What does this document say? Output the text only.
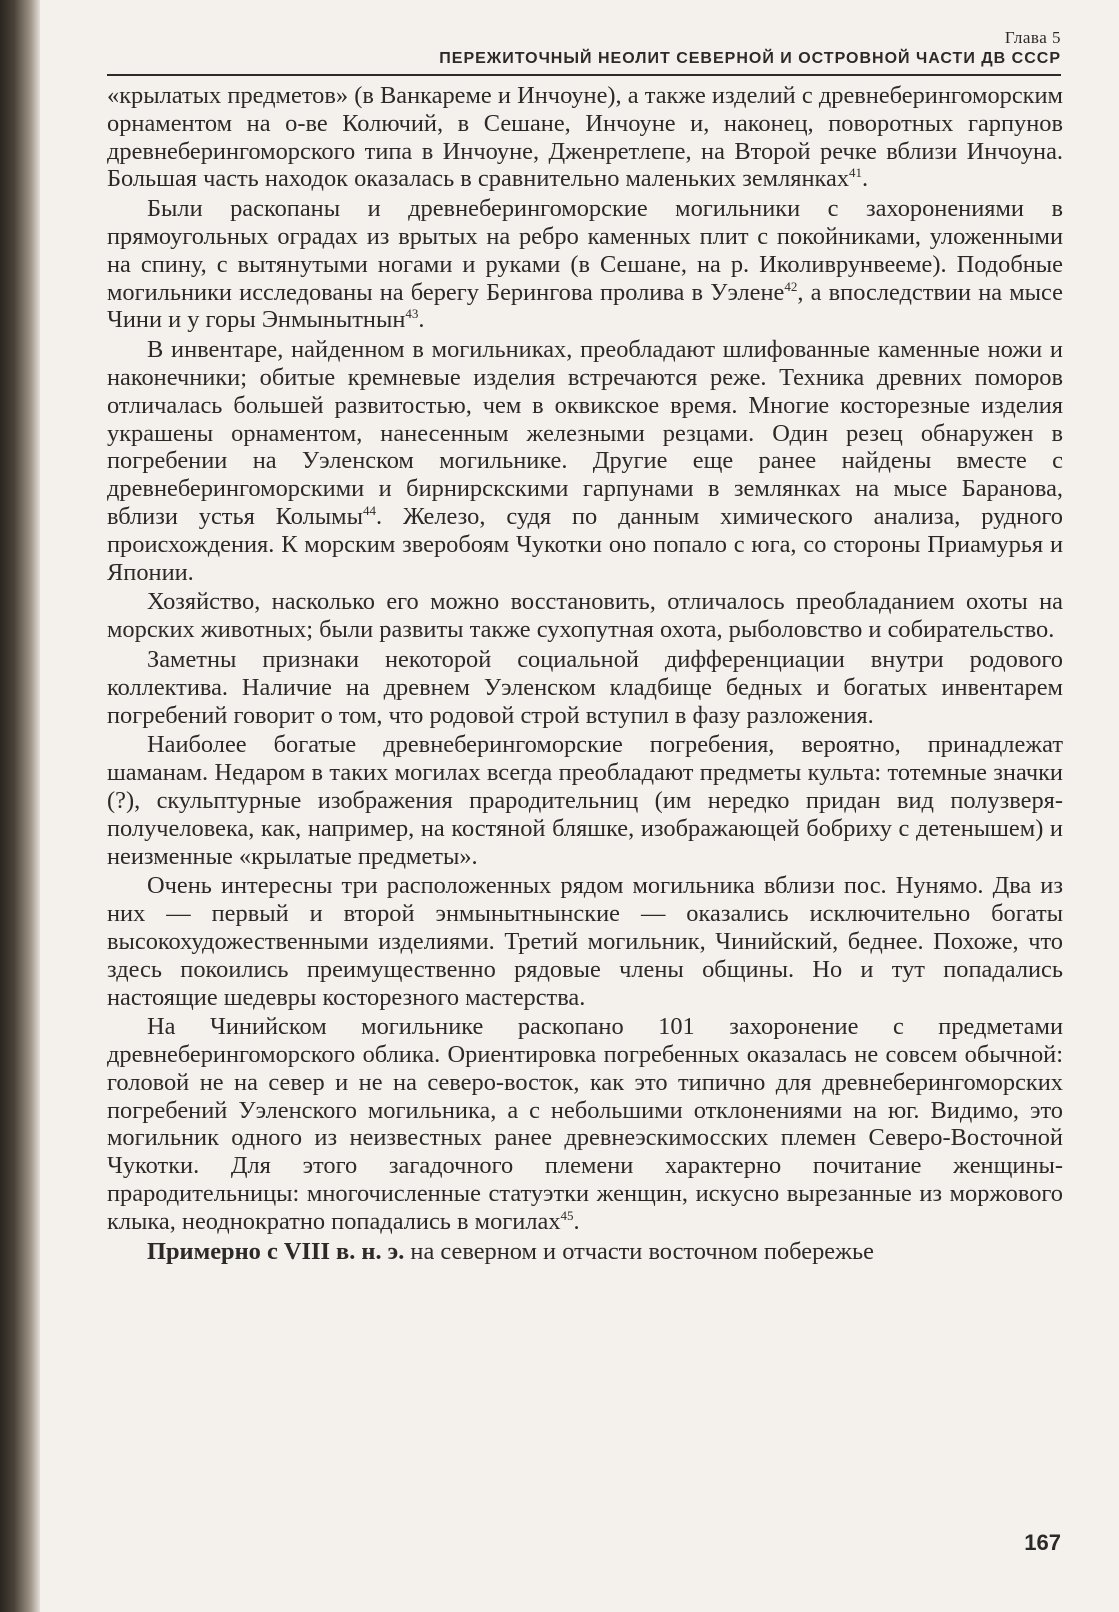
Глава 5
ПЕРЕЖИТОЧНЫЙ НЕОЛИТ СЕВЕРНОЙ И ОСТРОВНОЙ ЧАСТИ ДВ СССР

«крылатых предметов» (в Ванкареме и Инчоуне), а также изделий с древнеберингоморским орнаментом на о-ве Колючий, в Сешане, Инчоуне и, наконец, поворотных гарпунов древнеберингоморского типа в Инчоуне, Дженретлепе, на Второй речке вблизи Инчоуна. Большая часть находок оказалась в сравнительно маленьких землянках$^{41}$.

Были раскопаны и древнеберингоморские могильники с захоронениями в прямоугольных оградах из врытых на ребро каменных плит с покойниками, уложенными на спину, с вытянутыми ногами и руками (в Сешане, на р. Иколиврунвееме). Подобные могильники исследованы на берегу Берингова пролива в Уэлене$^{42}$, а впоследствии на мысе Чини и у горы Энмынытнын$^{43}$.

В инвентаре, найденном в могильниках, преобладают шлифованные каменные ножи и наконечники; обитые кремневые изделия встречаются реже. Техника древних поморов отличалась большей развитостью, чем в оквикское время. Многие косторезные изделия украшены орнаментом, нанесенным железными резцами. Один резец обнаружен в погребении на Уэленском могильнике. Другие еще ранее найдены вместе с древнеберингоморскими и бирнирскскими гарпунами в землянках на мысе Баранова, вблизи устья Колымы$^{44}$. Железо, судя по данным химического анализа, рудного происхождения. К морским зверобоям Чукотки оно попало с юга, со стороны Приамурья и Японии.

Хозяйство, насколько его можно восстановить, отличалось преобладанием охоты на морских животных; были развиты также сухопутная охота, рыболовство и собирательство.

Заметны признаки некоторой социальной дифференциации внутри родового коллектива. Наличие на древнем Уэленском кладбище бедных и богатых инвентарем погребений говорит о том, что родовой строй вступил в фазу разложения.

Наиболее богатые древнеберингоморские погребения, вероятно, принадлежат шаманам. Недаром в таких могилах всегда преобладают предметы культа: тотемные значки (?), скульптурные изображения прародительниц (им нередко придан вид полузверя-получеловека, как, например, на костяной бляшке, изображающей бобриху с детенышем) и неизменные «крылатые предметы».

Очень интересны три расположенных рядом могильника вблизи пос. Нунямо. Два из них — первый и второй энмынытнынские — оказались исключительно богаты высокохудожественными изделиями. Третий могильник, Чинийский, беднее. Похоже, что здесь покоились преимущественно рядовые члены общины. Но и тут попадались настоящие шедевры косторезного мастерства.

На Чинийском могильнике раскопано 101 захоронение с предметами древнеберингоморского облика. Ориентировка погребенных оказалась не совсем обычной: головой не на север и не на северо-восток, как это типично для древнеберингоморских погребений Уэленского могильника, а с небольшими отклонениями на юг. Видимо, это могильник одного из неизвестных ранее древнеэскимосских племен Северо-Восточной Чукотки. Для этого загадочного племени характерно почитание женщины-прародительницы: многочисленные статуэтки женщин, искусно вырезанные из моржового клыка, неоднократно попадались в могилах$^{45}$.

Примерно с VIII в. н. э. на северном и отчасти восточном побережье

167
